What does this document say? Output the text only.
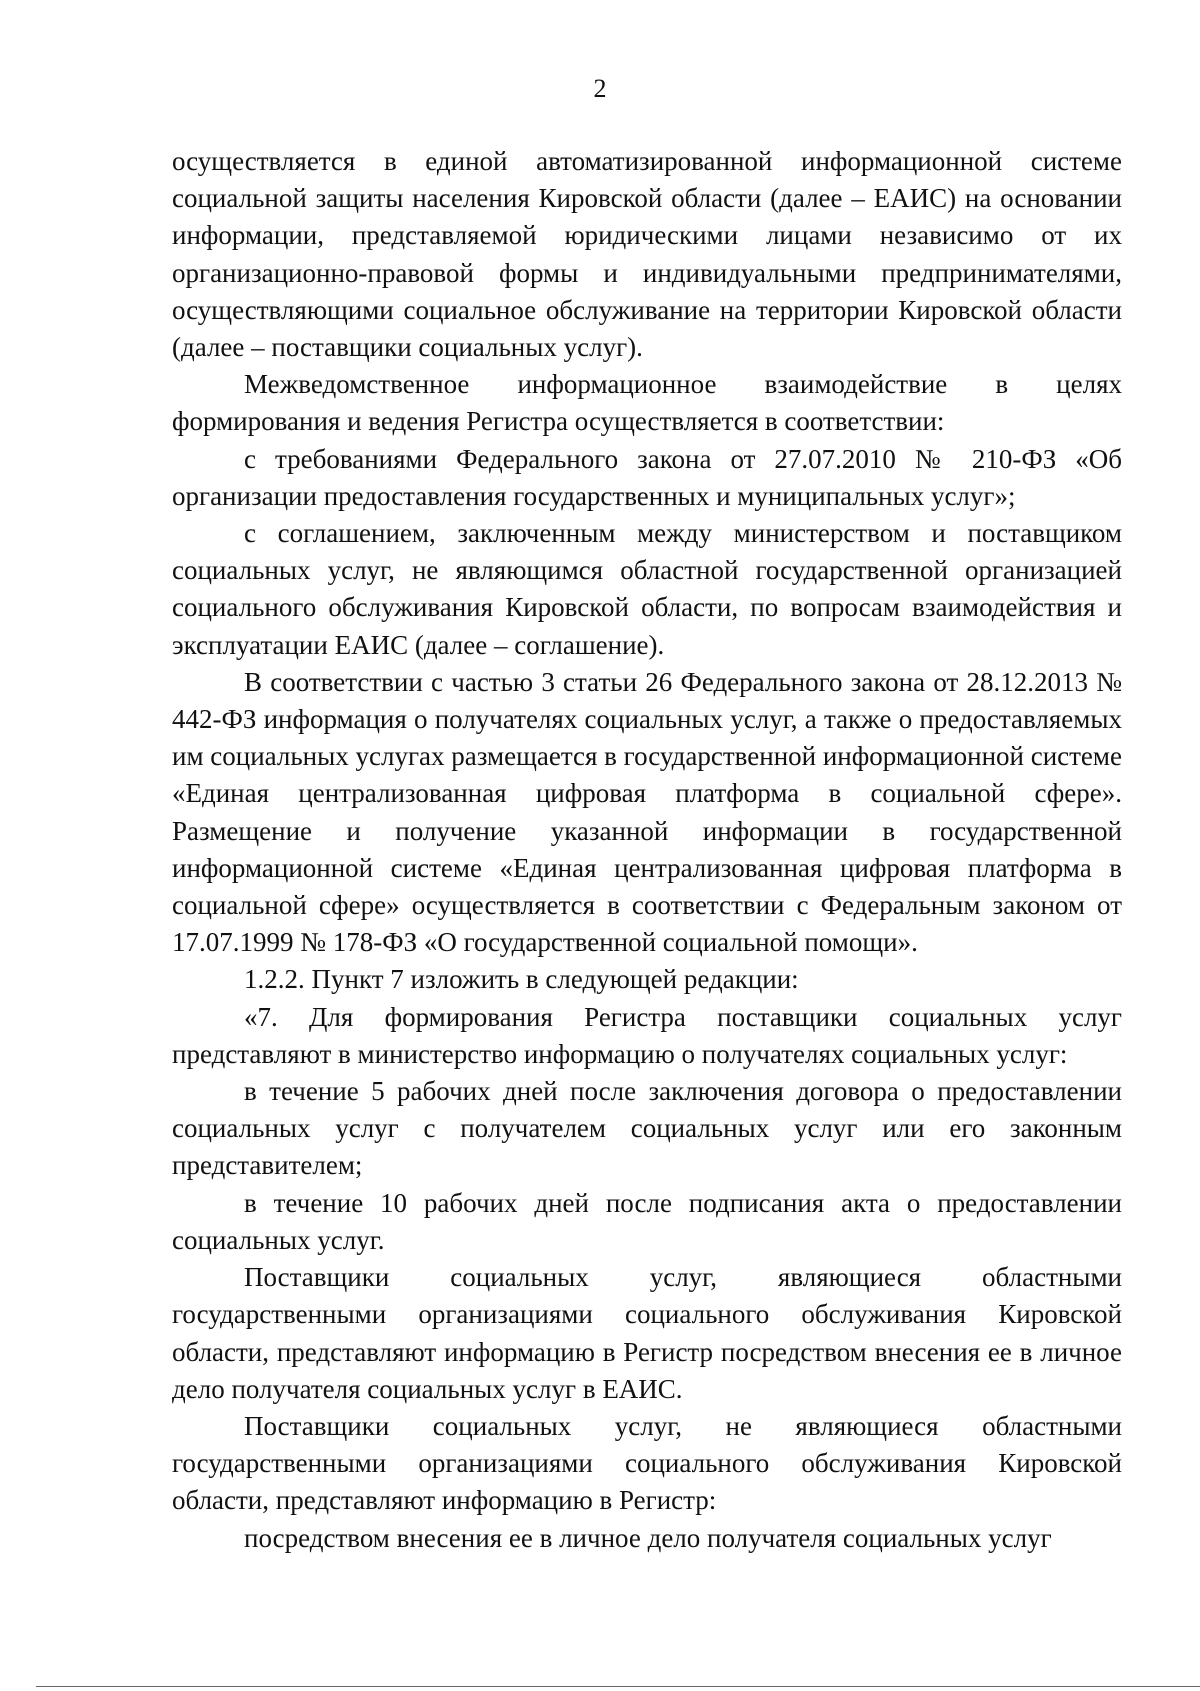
2

осуществляется в единой автоматизированной информационной системе социальной защиты населения Кировской области (далее – ЕАИС) на основании информации, представляемой юридическими лицами независимо от их организационно-правовой формы и индивидуальными предпринимателями, осуществляющими социальное обслуживание на территории Кировской области (далее – поставщики социальных услуг).

Межведомственное информационное взаимодействие в целях формирования и ведения Регистра осуществляется в соответствии:

с требованиями Федерального закона от 27.07.2010 № 210-ФЗ «Об организации предоставления государственных и муниципальных услуг»;

с соглашением, заключенным между министерством и поставщиком социальных услуг, не являющимся областной государственной организацией социального обслуживания Кировской области, по вопросам взаимодействия и эксплуатации ЕАИС (далее – соглашение).

В соответствии с частью 3 статьи 26 Федерального закона от 28.12.2013 № 442-ФЗ информация о получателях социальных услуг, а также о предоставляемых им социальных услугах размещается в государственной информационной системе «Единая централизованная цифровая платформа в социальной сфере». Размещение и получение указанной информации в государственной информационной системе «Единая централизованная цифровая платформа в социальной сфере» осуществляется в соответствии с Федеральным законом от 17.07.1999 № 178-ФЗ «О государственной социальной помощи».

1.2.2. Пункт 7 изложить в следующей редакции:

«7. Для формирования Регистра поставщики социальных услуг представляют в министерство информацию о получателях социальных услуг:

в течение 5 рабочих дней после заключения договора о предоставлении социальных услуг с получателем социальных услуг или его законным представителем;

в течение 10 рабочих дней после подписания акта о предоставлении социальных услуг.

Поставщики социальных услуг, являющиеся областными государственными организациями социального обслуживания Кировской области, представляют информацию в Регистр посредством внесения ее в личное дело получателя социальных услуг в ЕАИС.

Поставщики социальных услуг, не являющиеся областными государственными организациями социального обслуживания Кировской области, представляют информацию в Регистр:

посредством внесения ее в личное дело получателя социальных услуг
